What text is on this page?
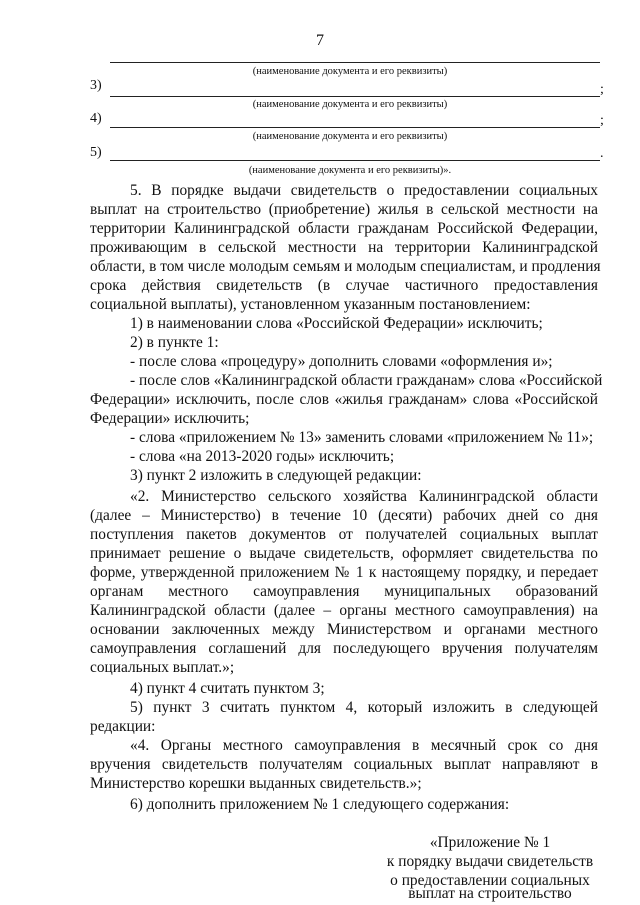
7
(наименование документа и его реквизиты)
3)	;
(наименование документа и его реквизиты)
4)	;
(наименование документа и его реквизиты)
5)	.
(наименование документа и его реквизиты)».
5. В порядке выдачи свидетельств о предоставлении социальных
выплат на строительство (приобретение) жилья в сельской местности на
территории Калининградской области гражданам Российской Федерации,
проживающим в сельской местности на территории Калининградской
области, в том числе молодым семьям и молодым специалистам, и продления
срока действия свидетельств (в случае частичного предоставления
социальной выплаты), установленном указанным постановлением:
1) в наименовании слова «Российской Федерации» исключить;
2) в пункте 1:
- после слова «процедуру» дополнить словами «оформления и»;
- после слов «Калининградской области гражданам» слова «Российской
Федерации» исключить, после слов «жилья гражданам» слова «Российской
Федерации» исключить;
- слова «приложением № 13» заменить словами «приложением № 11»;
- слова «на 2013-2020 годы» исключить;
3) пункт 2 изложить в следующей редакции:
«2. Министерство сельского хозяйства Калининградской области
(далее – Министерство) в течение 10 (десяти) рабочих дней со дня
поступления пакетов документов от получателей социальных выплат
принимает решение о выдаче свидетельств, оформляет свидетельства по
форме, утвержденной приложением № 1 к настоящему порядку, и передает
органам местного самоуправления муниципальных образований
Калининградской области (далее – органы местного самоуправления) на
основании заключенных между Министерством и органами местного
самоуправления соглашений для последующего вручения получателям
социальных выплат.»;
4) пункт 4 считать пунктом 3;
5) пункт 3 считать пунктом 4, который изложить в следующей
редакции:
«4. Органы местного самоуправления в месячный срок со дня
вручения свидетельств получателям социальных выплат направляют в
Министерство корешки выданных свидетельств.»;
6) дополнить приложением № 1 следующего содержания:
«Приложение № 1
к порядку выдачи свидетельств
о предоставлении социальных
выплат на строительство
